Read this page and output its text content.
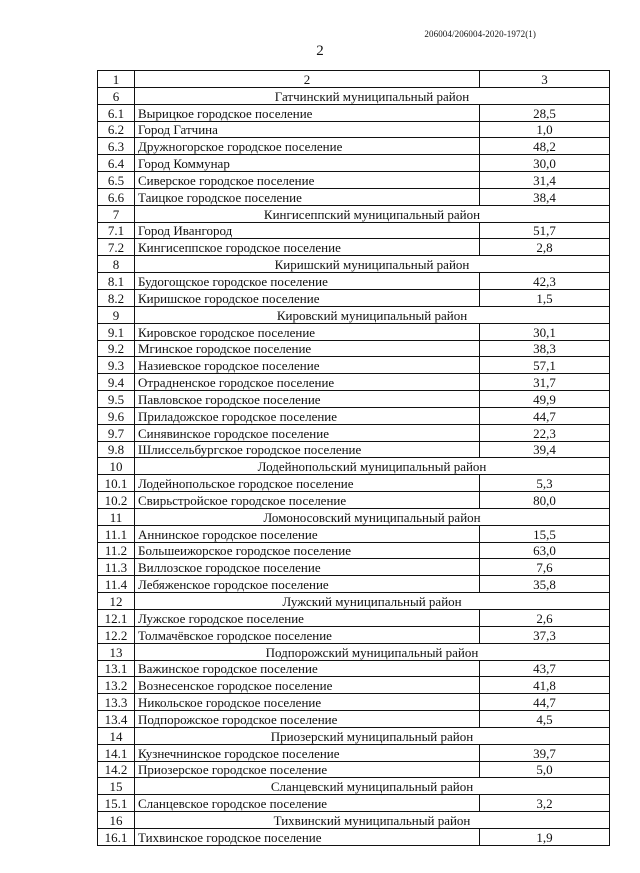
206004/206004-2020-1972(1)
2
1	2	3
6	Гатчинский муниципальный район	
6.1	Вырицкое городское поселение	28,5
6.2	Город Гатчина	1,0
6.3	Дружногорское городское поселение	48,2
6.4	Город Коммунар	30,0
6.5	Сиверское городское поселение	31,4
6.6	Таицкое городское поселение	38,4
7	Кингисеппский муниципальный район	
7.1	Город Ивангород	51,7
7.2	Кингисеппское городское поселение	2,8
8	Киришский муниципальный район	
8.1	Будогощское городское поселение	42,3
8.2	Киришское городское поселение	1,5
9	Кировский муниципальный район	
9.1	Кировское городское поселение	30,1
9.2	Мгинское городское поселение	38,3
9.3	Назиевское городское поселение	57,1
9.4	Отрадненское городское поселение	31,7
9.5	Павловское городское поселение	49,9
9.6	Приладожское городское поселение	44,7
9.7	Синявинское городское поселение	22,3
9.8	Шлиссельбургское городское поселение	39,4
10	Лодейнопольский муниципальный район	
10.1	Лодейнопольское городское поселение	5,3
10.2	Свирьстройское городское поселение	80,0
11	Ломоносовский муниципальный район	
11.1	Аннинское городское поселение	15,5
11.2	Большеижорское городское поселение	63,0
11.3	Виллозское городское поселение	7,6
11.4	Лебяженское городское поселение	35,8
12	Лужский муниципальный район	
12.1	Лужское городское поселение	2,6
12.2	Толмачёвское городское поселение	37,3
13	Подпорожский муниципальный район	
13.1	Важинское городское поселение	43,7
13.2	Вознесенское городское поселение	41,8
13.3	Никольское городское поселение	44,7
13.4	Подпорожское городское поселение	4,5
14	Приозерский муниципальный район	
14.1	Кузнечнинское городское поселение	39,7
14.2	Приозерское городское поселение	5,0
15	Сланцевский муниципальный район	
15.1	Сланцевское городское поселение	3,2
16	Тихвинский муниципальный район	
16.1	Тихвинское городское поселение	1,9
